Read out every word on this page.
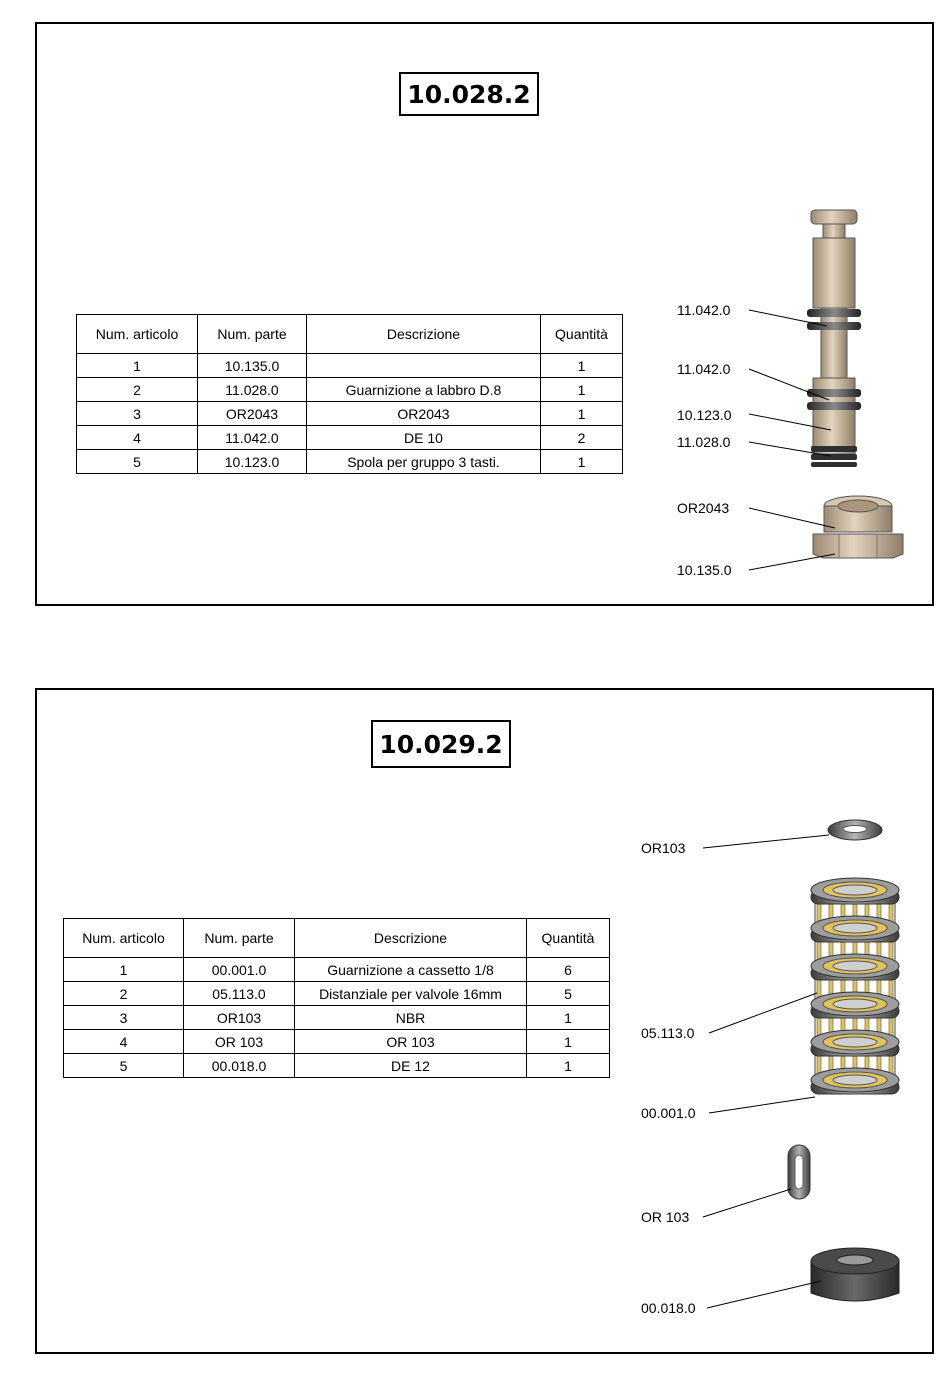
10.028.2
Num. articolo	Num. parte	Descrizione	Quantità
1	10.135.0		1
2	11.028.0	Guarnizione a labbro D.8	1
3	OR2043	OR2043	1
4	11.042.0	DE 10	2
5	10.123.0	Spola per gruppo 3 tasti.	1
11.042.0
11.042.0
10.123.0
11.028.0
OR2043
10.135.0
10.029.2
Num. articolo	Num. parte	Descrizione	Quantità
1	00.001.0	Guarnizione a cassetto 1/8	6
2	05.113.0	Distanziale per valvole 16mm	5
3	OR103	NBR	1
4	OR 103	OR 103	1
5	00.018.0	DE 12	1
OR103
05.113.0
00.001.0
OR 103
00.018.0
